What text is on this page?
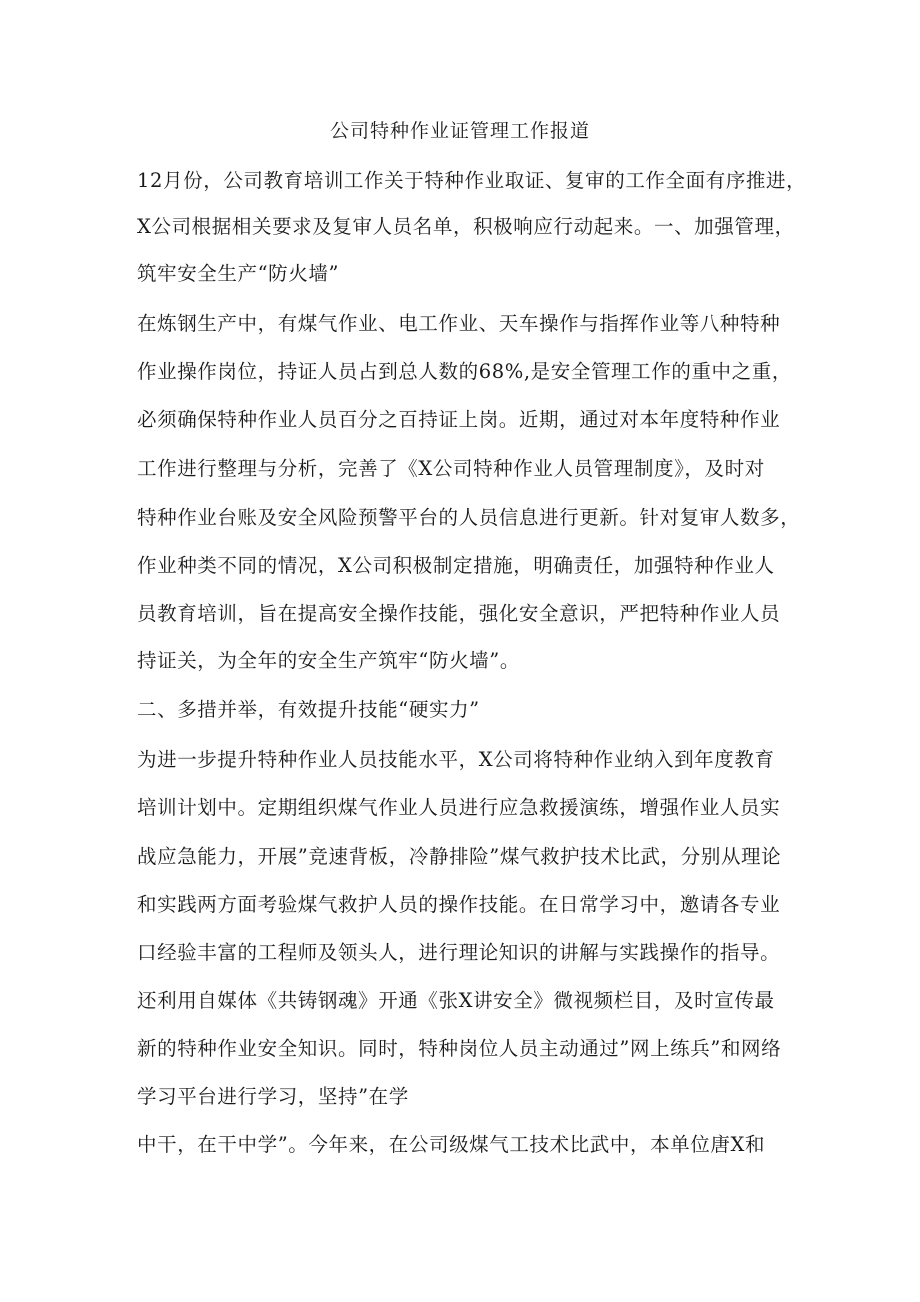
公司特种作业证管理工作报道
12月份，公司教育培训工作关于特种作业取证、复审的工作全面有序推进，
X公司根据相关要求及复审人员名单，积极响应行动起来。一、加强管理，
筑牢安全生产“防火墙”
在炼钢生产中，有煤气作业、电工作业、天车操作与指挥作业等八种特种
作业操作岗位，持证人员占到总人数的68%,是安全管理工作的重中之重，
必须确保特种作业人员百分之百持证上岗。近期，通过对本年度特种作业
工作进行整理与分析，完善了《X公司特种作业人员管理制度》，及时对
特种作业台账及安全风险预警平台的人员信息进行更新。针对复审人数多，
作业种类不同的情况，X公司积极制定措施，明确责任，加强特种作业人
员教育培训，旨在提高安全操作技能，强化安全意识，严把特种作业人员
持证关，为全年的安全生产筑牢“防火墙”。
二、多措并举，有效提升技能“硬实力”
为进一步提升特种作业人员技能水平，X公司将特种作业纳入到年度教育
培训计划中。定期组织煤气作业人员进行应急救援演练，增强作业人员实
战应急能力，开展”竞速背板，冷静排险”煤气救护技术比武，分别从理论
和实践两方面考验煤气救护人员的操作技能。在日常学习中，邀请各专业
口经验丰富的工程师及领头人，进行理论知识的讲解与实践操作的指导。
还利用自媒体《共铸钢魂》开通《张X讲安全》微视频栏目，及时宣传最
新的特种作业安全知识。同时，特种岗位人员主动通过”网上练兵”和网络
学习平台进行学习，坚持”在学
中干，在干中学”。今年来，在公司级煤气工技术比武中，本单位唐X和
